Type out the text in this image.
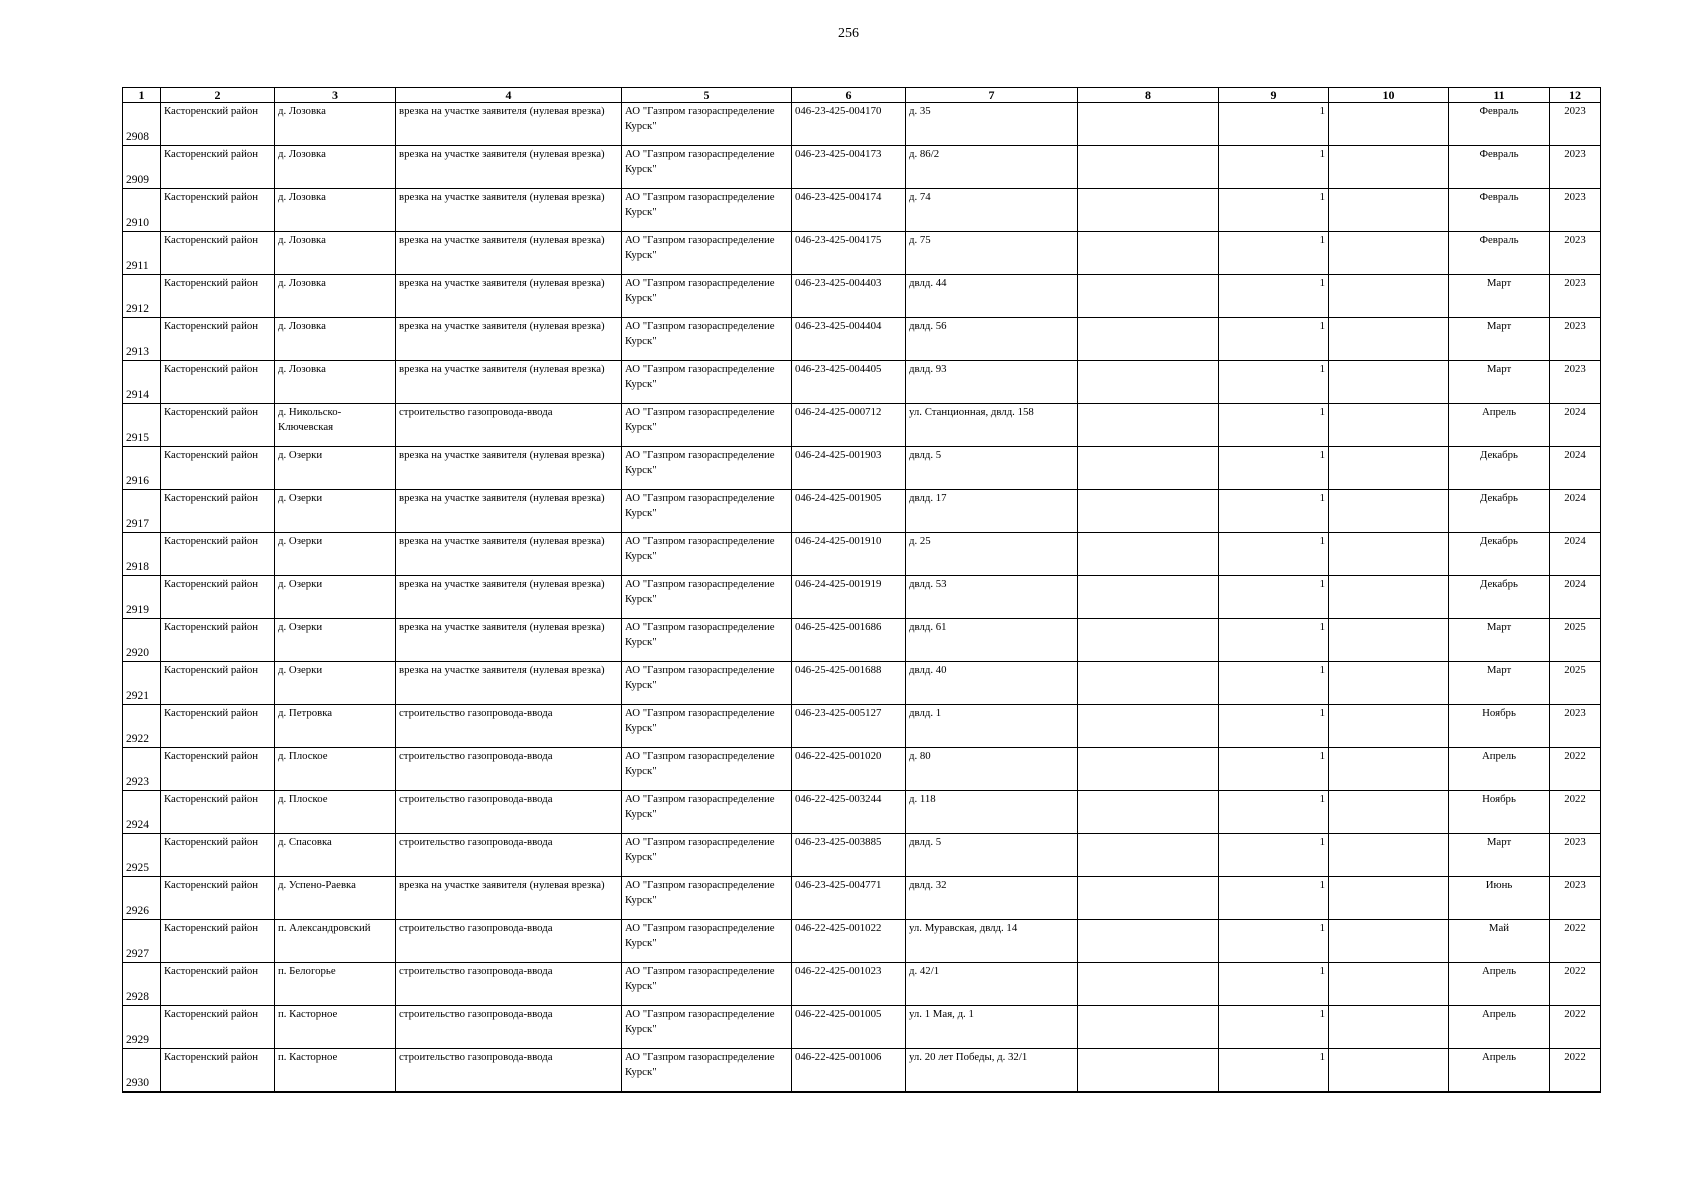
256
1	2	3	4	5	6	7	8	9	10	11	12
2908	Касторенский район	д. Лозовка	врезка на участке заявителя (нулевая врезка)	АО "Газпром газораспределение Курск"	046-23-425-004170	д. 35		1		Февраль	2023
2909	Касторенский район	д. Лозовка	врезка на участке заявителя (нулевая врезка)	АО "Газпром газораспределение Курск"	046-23-425-004173	д. 86/2		1		Февраль	2023
2910	Касторенский район	д. Лозовка	врезка на участке заявителя (нулевая врезка)	АО "Газпром газораспределение Курск"	046-23-425-004174	д. 74		1		Февраль	2023
2911	Касторенский район	д. Лозовка	врезка на участке заявителя (нулевая врезка)	АО "Газпром газораспределение Курск"	046-23-425-004175	д. 75		1		Февраль	2023
2912	Касторенский район	д. Лозовка	врезка на участке заявителя (нулевая врезка)	АО "Газпром газораспределение Курск"	046-23-425-004403	двлд. 44		1		Март	2023
2913	Касторенский район	д. Лозовка	врезка на участке заявителя (нулевая врезка)	АО "Газпром газораспределение Курск"	046-23-425-004404	двлд. 56		1		Март	2023
2914	Касторенский район	д. Лозовка	врезка на участке заявителя (нулевая врезка)	АО "Газпром газораспределение Курск"	046-23-425-004405	двлд. 93		1		Март	2023
2915	Касторенский район	д. Никольско-Ключевская	строительство газопровода-ввода	АО "Газпром газораспределение Курск"	046-24-425-000712	ул. Станционная, двлд. 158		1		Апрель	2024
2916	Касторенский район	д. Озерки	врезка на участке заявителя (нулевая врезка)	АО "Газпром газораспределение Курск"	046-24-425-001903	двлд. 5		1		Декабрь	2024
2917	Касторенский район	д. Озерки	врезка на участке заявителя (нулевая врезка)	АО "Газпром газораспределение Курск"	046-24-425-001905	двлд. 17		1		Декабрь	2024
2918	Касторенский район	д. Озерки	врезка на участке заявителя (нулевая врезка)	АО "Газпром газораспределение Курск"	046-24-425-001910	д. 25		1		Декабрь	2024
2919	Касторенский район	д. Озерки	врезка на участке заявителя (нулевая врезка)	АО "Газпром газораспределение Курск"	046-24-425-001919	двлд. 53		1		Декабрь	2024
2920	Касторенский район	д. Озерки	врезка на участке заявителя (нулевая врезка)	АО "Газпром газораспределение Курск"	046-25-425-001686	двлд. 61		1		Март	2025
2921	Касторенский район	д. Озерки	врезка на участке заявителя (нулевая врезка)	АО "Газпром газораспределение Курск"	046-25-425-001688	двлд. 40		1		Март	2025
2922	Касторенский район	д. Петровка	строительство газопровода-ввода	АО "Газпром газораспределение Курск"	046-23-425-005127	двлд. 1		1		Ноябрь	2023
2923	Касторенский район	д. Плоское	строительство газопровода-ввода	АО "Газпром газораспределение Курск"	046-22-425-001020	д. 80		1		Апрель	2022
2924	Касторенский район	д. Плоское	строительство газопровода-ввода	АО "Газпром газораспределение Курск"	046-22-425-003244	д. 118		1		Ноябрь	2022
2925	Касторенский район	д. Спасовка	строительство газопровода-ввода	АО "Газпром газораспределение Курск"	046-23-425-003885	двлд. 5		1		Март	2023
2926	Касторенский район	д. Успено-Раевка	врезка на участке заявителя (нулевая врезка)	АО "Газпром газораспределение Курск"	046-23-425-004771	двлд. 32		1		Июнь	2023
2927	Касторенский район	п. Александровский	строительство газопровода-ввода	АО "Газпром газораспределение Курск"	046-22-425-001022	ул. Муравская, двлд. 14		1		Май	2022
2928	Касторенский район	п. Белогорье	строительство газопровода-ввода	АО "Газпром газораспределение Курск"	046-22-425-001023	д. 42/1		1		Апрель	2022
2929	Касторенский район	п. Касторное	строительство газопровода-ввода	АО "Газпром газораспределение Курск"	046-22-425-001005	ул. 1 Мая, д. 1		1		Апрель	2022
2930	Касторенский район	п. Касторное	строительство газопровода-ввода	АО "Газпром газораспределение Курск"	046-22-425-001006	ул. 20 лет Победы, д. 32/1		1		Апрель	2022
